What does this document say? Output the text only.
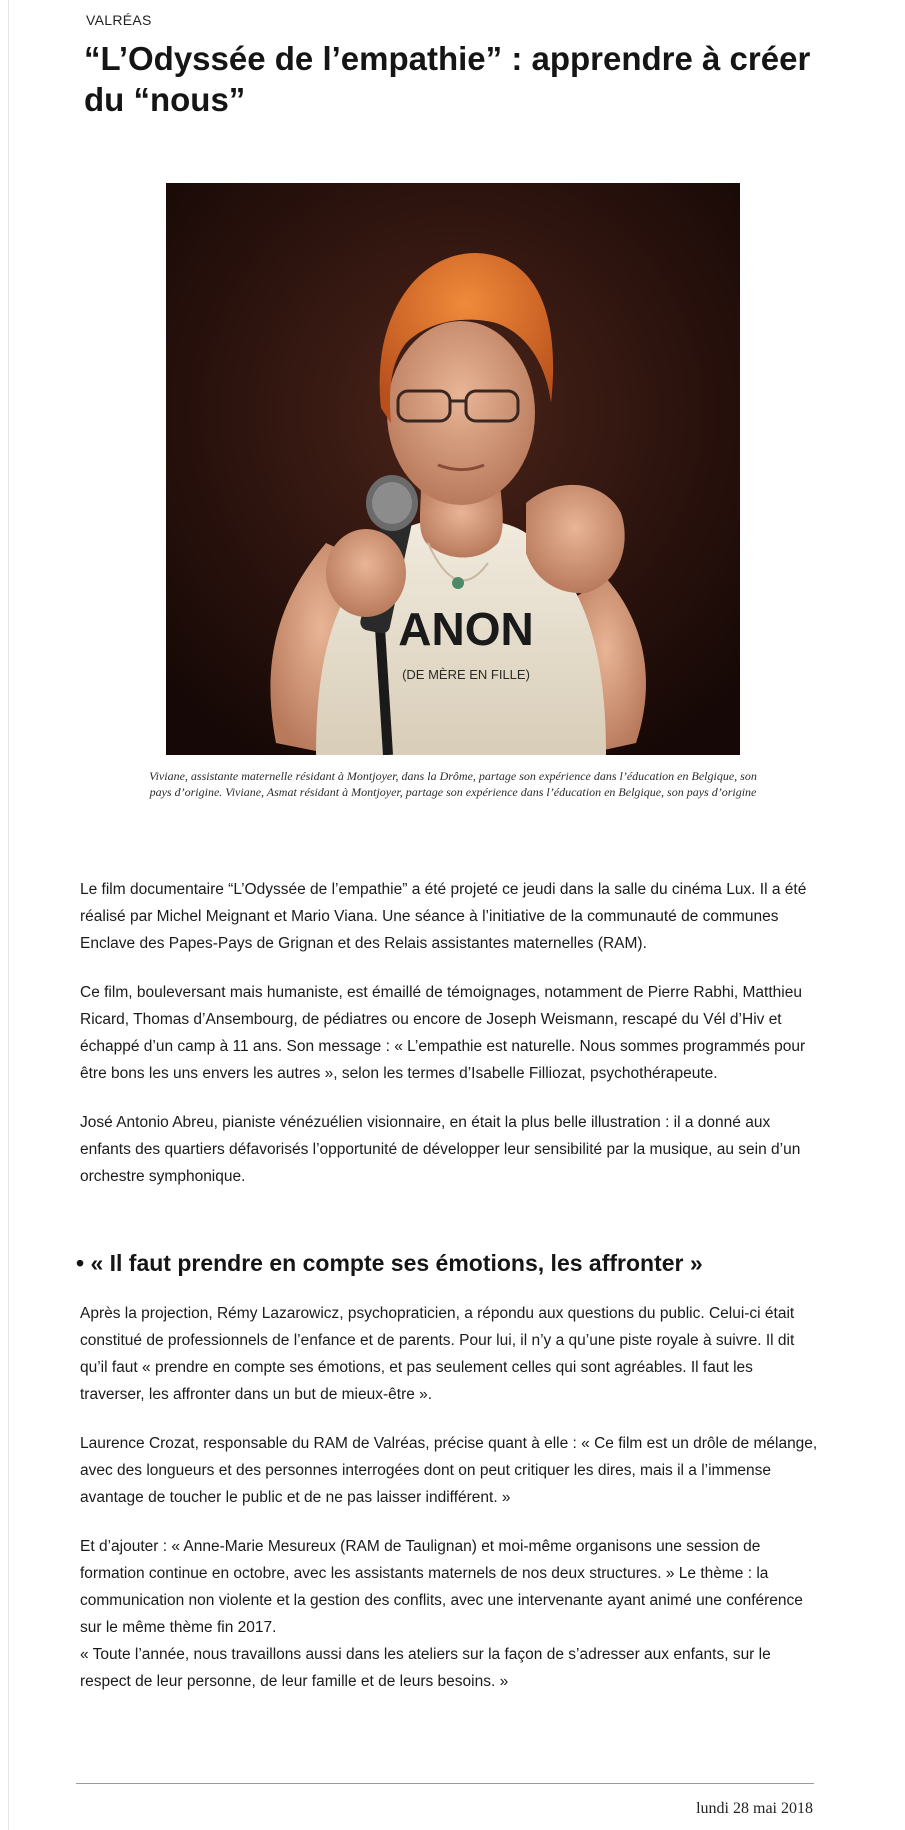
VALRÉAS
“L’Odyssée de l’empathie” : apprendre à créer du “nous”
ANON
(DE MÈRE EN FILLE)

Viviane, assistante maternelle résidant à Montjoyer, dans la Drôme, partage son expérience dans l’éducation en Belgique, son pays d’origine. Viviane, Asmat résidant à Montjoyer, partage son expérience dans l’éducation en Belgique, son pays d’origine

Le film documentaire “L’Odyssée de l’empathie” a été projeté ce jeudi dans la salle du cinéma Lux. Il a été réalisé par Michel Meignant et Mario Viana. Une séance à l’initiative de la communauté de communes Enclave des Papes-Pays de Grignan et des Relais assistantes maternelles (RAM).

Ce film, bouleversant mais humaniste, est émaillé de témoignages, notamment de Pierre Rabhi, Matthieu Ricard, Thomas d’Ansembourg, de pédiatres ou encore de Joseph Weismann, rescapé du Vél d’Hiv et échappé d’un camp à 11 ans. Son message : « L’empathie est naturelle. Nous sommes programmés pour être bons les uns envers les autres », selon les termes d’Isabelle Filliozat, psychothérapeute.

José Antonio Abreu, pianiste vénézuélien visionnaire, en était la plus belle illustration : il a donné aux enfants des quartiers défavorisés l’opportunité de développer leur sensibilité par la musique, au sein d’un orchestre symphonique.

• « Il faut prendre en compte ses émotions, les affronter »

Après la projection, Rémy Lazarowicz, psychopraticien, a répondu aux questions du public. Celui-ci était constitué de professionnels de l’enfance et de parents. Pour lui, il n’y a qu’une piste royale à suivre. Il dit qu’il faut « prendre en compte ses émotions, et pas seulement celles qui sont agréables. Il faut les traverser, les affronter dans un but de mieux-être ».

Laurence Crozat, responsable du RAM de Valréas, précise quant à elle : « Ce film est un drôle de mélange, avec des longueurs et des personnes interrogées dont on peut critiquer les dires, mais il a l’immense avantage de toucher le public et de ne pas laisser indifférent. »

Et d’ajouter : « Anne-Marie Mesureux (RAM de Taulignan) et moi-même organisons une session de formation continue en octobre, avec les assistants maternels de nos deux structures. » Le thème : la communication non violente et la gestion des conflits, avec une intervenante ayant animé une conférence sur le même thème fin 2017.

« Toute l’année, nous travaillons aussi dans les ateliers sur la façon de s’adresser aux enfants, sur le respect de leur personne, de leur famille et de leurs besoins. »

lundi 28 mai 2018
